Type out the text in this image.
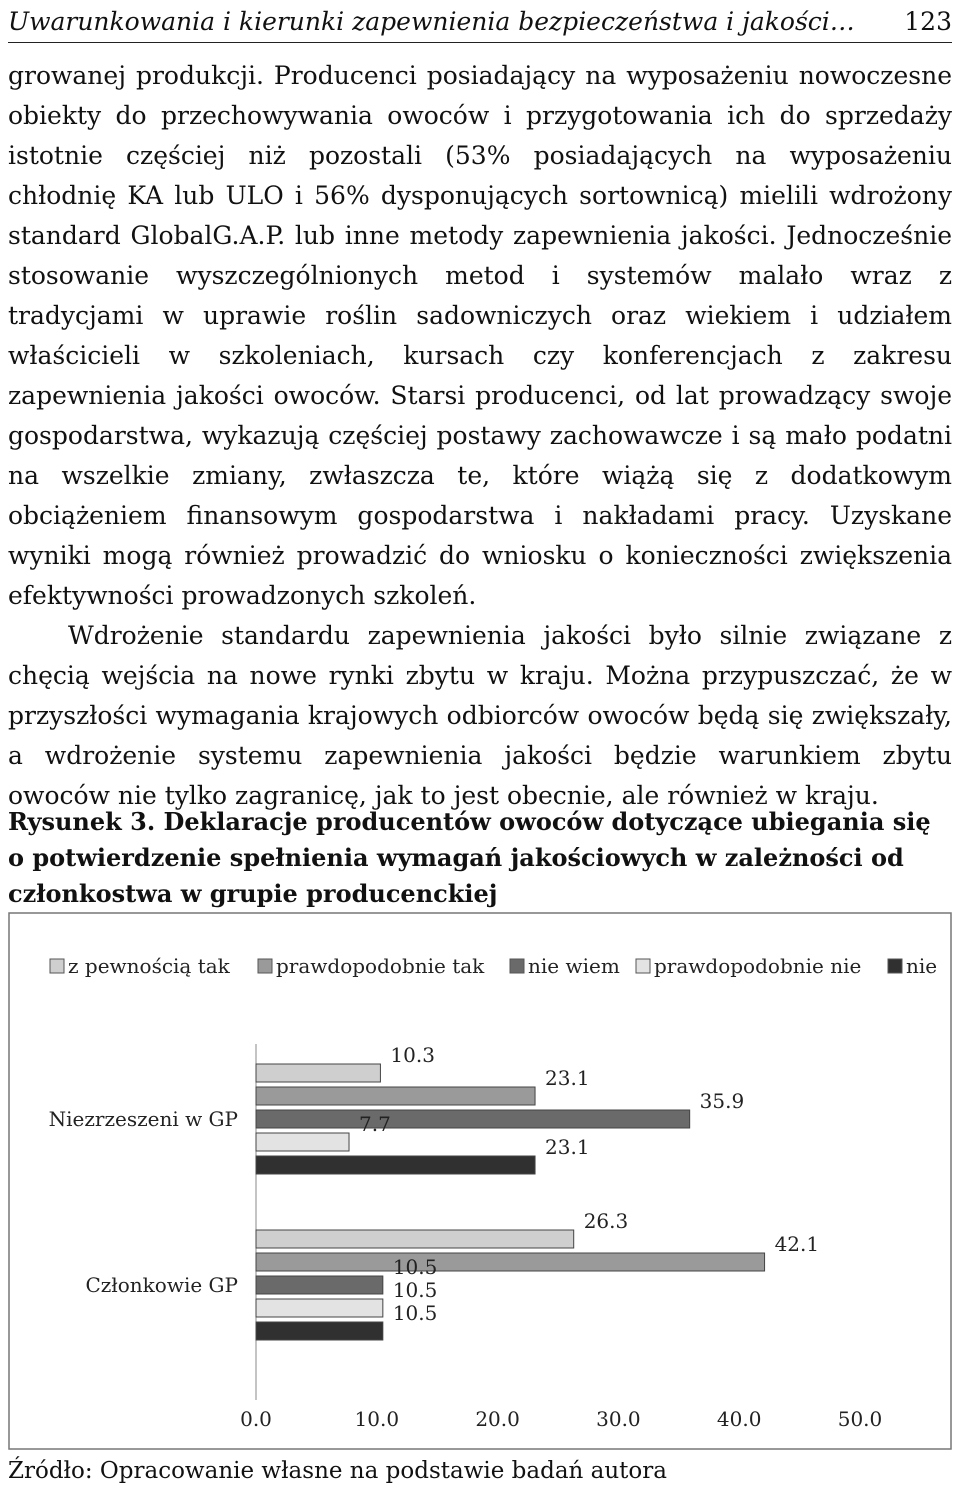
Uwarunkowania i kierunki zapewnienia bezpieczeństwa i jakości… 123

growanej produkcji. Producenci posiadający na wyposażeniu nowoczesne obiekty do przechowywania owoców i przygotowania ich do sprzedaży istotnie częściej niż pozostali (53% posiadających na wyposażeniu chłodnię KA lub ULO i 56% dysponujących sortownicą) mielili wdrożony standard GlobalG.A.P. lub inne metody zapewnienia jakości. Jednocześnie stosowanie wyszczególnionych metod i systemów malało wraz z tradycjami w uprawie roślin sadowniczych oraz wiekiem i udziałem właścicieli w szkoleniach, kursach czy konferencjach z zakresu zapewnienia jakości owoców. Starsi producenci, od lat prowadzący swoje gospodarstwa, wykazują częściej postawy zachowawcze i są mało podatni na wszelkie zmiany, zwłaszcza te, które wiążą się z dodatkowym obciążeniem finansowym gospodarstwa i nakładami pracy. Uzyskane wyniki mogą również prowadzić do wniosku o konieczności zwiększenia efektywności prowadzonych szkoleń.

Wdrożenie standardu zapewnienia jakości było silnie związane z chęcią wejścia na nowe rynki zbytu w kraju. Można przypuszczać, że w przyszłości wymagania krajowych odbiorców owoców będą się zwiększały, a wdrożenie systemu zapewnienia jakości będzie warunkiem zbytu owoców nie tylko zagranicę, jak to jest obecnie, ale również w kraju.

Rysunek 3. Deklaracje producentów owoców dotyczące ubiegania się o potwierdzenie spełnienia wymagań jakościowych w zależności od członkostwa w grupie producenckiej

z pewnością tak prawdopodobnie tak nie wiem prawdopodobnie nie nie
10.3
23.1
35.9
7.7
23.1
Niezrzeszeni w GP
26.3
42.1
10.5
10.5
10.5
Członkowie GP
0.0	10.0	20.0	30.0	40.0	50.0
Źródło: Opracowanie własne na podstawie badań autora
